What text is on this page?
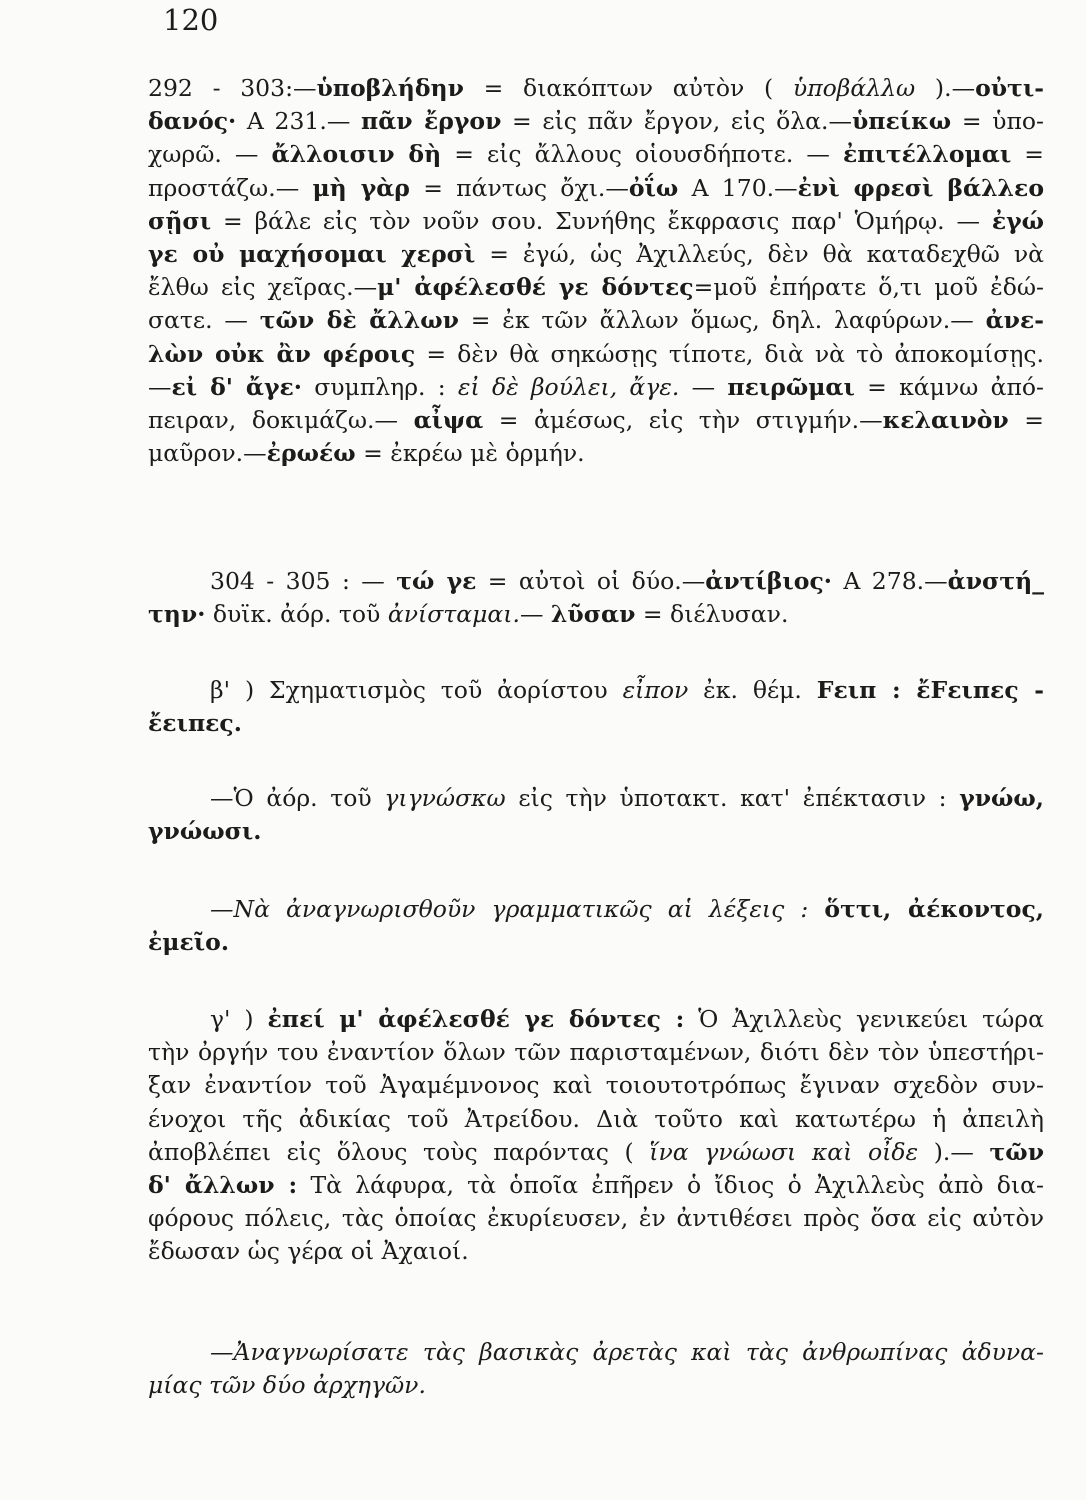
120
292 - 303:—ὑποβλήδην = διακόπτων αὐτὸν ( ὑποβάλλω ).—οὐτι-
δανός· Α 231.— πᾶν ἔργον = εἰς πᾶν ἔργον, εἰς ὅλα.—ὑπείκω = ὑπο-
χωρῶ. — ἄλλοισιν δὴ = εἰς ἄλλους οἱουσδήποτε. — ἐπιτέλλομαι =
προστάζω.— μὴ γὰρ = πάντως ὄχι.—ὀΐω Α 170.—ἐνὶ φρεσὶ βάλλεο
σῇσι = βάλε εἰς τὸν νοῦν σου. Συνήθης ἔκφρασις παρ' Ὁμήρῳ. — ἐγώ
γε οὐ μαχήσομαι χερσὶ = ἐγώ, ὡς Ἀχιλλεύς, δὲν θὰ καταδεχθῶ νὰ
ἔλθω εἰς χεῖρας.—μ' ἀφέλεσθέ γε δόντες=μοῦ ἐπήρατε ὅ,τι μοῦ ἐδώ-
σατε. — τῶν δὲ ἄλλων = ἐκ τῶν ἄλλων ὅμως, δηλ. λαφύρων.— ἀνε-
λὼν οὐκ ἂν φέροις = δὲν θὰ σηκώσῃς τίποτε, διὰ νὰ τὸ ἀποκομίσῃς.
—εἰ δ' ἄγε· συμπληρ. : εἰ δὲ βούλει, ἄγε. — πειρῶμαι = κάμνω ἀπό-
πειραν, δοκιμάζω.— αἶψα = ἀμέσως, εἰς τὴν στιγμήν.—κελαινὸν =
μαῦρον.—ἐρωέω = ἐκρέω μὲ ὁρμήν.
304 - 305 : — τώ γε = αὐτοὶ οἱ δύο.—ἀντίβιος· Α 278.—ἀνστή_
την· δυϊκ. ἀόρ. τοῦ ἀνίσταμαι.— λῦσαν = διέλυσαν.
β' ) Σχηματισμὸς τοῦ ἀορίστου εἶπον ἐκ. θέμ. Fειπ : ἔFειπες -
ἔειπες.
—Ὁ ἀόρ. τοῦ γιγνώσκω εἰς τὴν ὑποτακτ. κατ' ἐπέκτασιν : γνώω,
γνώωσι.
—Νὰ ἀναγνωρισθοῦν γραμματικῶς αἱ λέξεις : ὅττι, ἀέκοντος,
ἐμεῖο.
γ' ) ἐπεί μ' ἀφέλεσθέ γε δόντες : Ὁ Ἀχιλλεὺς γενικεύει τώρα
τὴν ὀργήν του ἐναντίον ὅλων τῶν παρισταμένων, διότι δὲν τὸν ὑπεστήρι-
ξαν ἐναντίον τοῦ Ἀγαμέμνονος καὶ τοιουτοτρόπως ἔγιναν σχεδὸν συν-
ένοχοι τῆς ἀδικίας τοῦ Ἀτρείδου. Διὰ τοῦτο καὶ κατωτέρω ἡ ἀπειλὴ
ἀποβλέπει εἰς ὅλους τοὺς παρόντας ( ἵνα γνώωσι καὶ οἶδε ).— τῶν
δ' ἄλλων : Τὰ λάφυρα, τὰ ὁποῖα ἐπῆρεν ὁ ἴδιος ὁ Ἀχιλλεὺς ἀπὸ δια-
φόρους πόλεις, τὰς ὁποίας ἐκυρίευσεν, ἐν ἀντιθέσει πρὸς ὅσα εἰς αὐτὸν
ἔδωσαν ὡς γέρα οἱ Ἀχαιοί.
—Ἀναγνωρίσατε τὰς βασικὰς ἀρετὰς καὶ τὰς ἀνθρωπίνας ἀδυνα-
μίας τῶν δύο ἀρχηγῶν.
